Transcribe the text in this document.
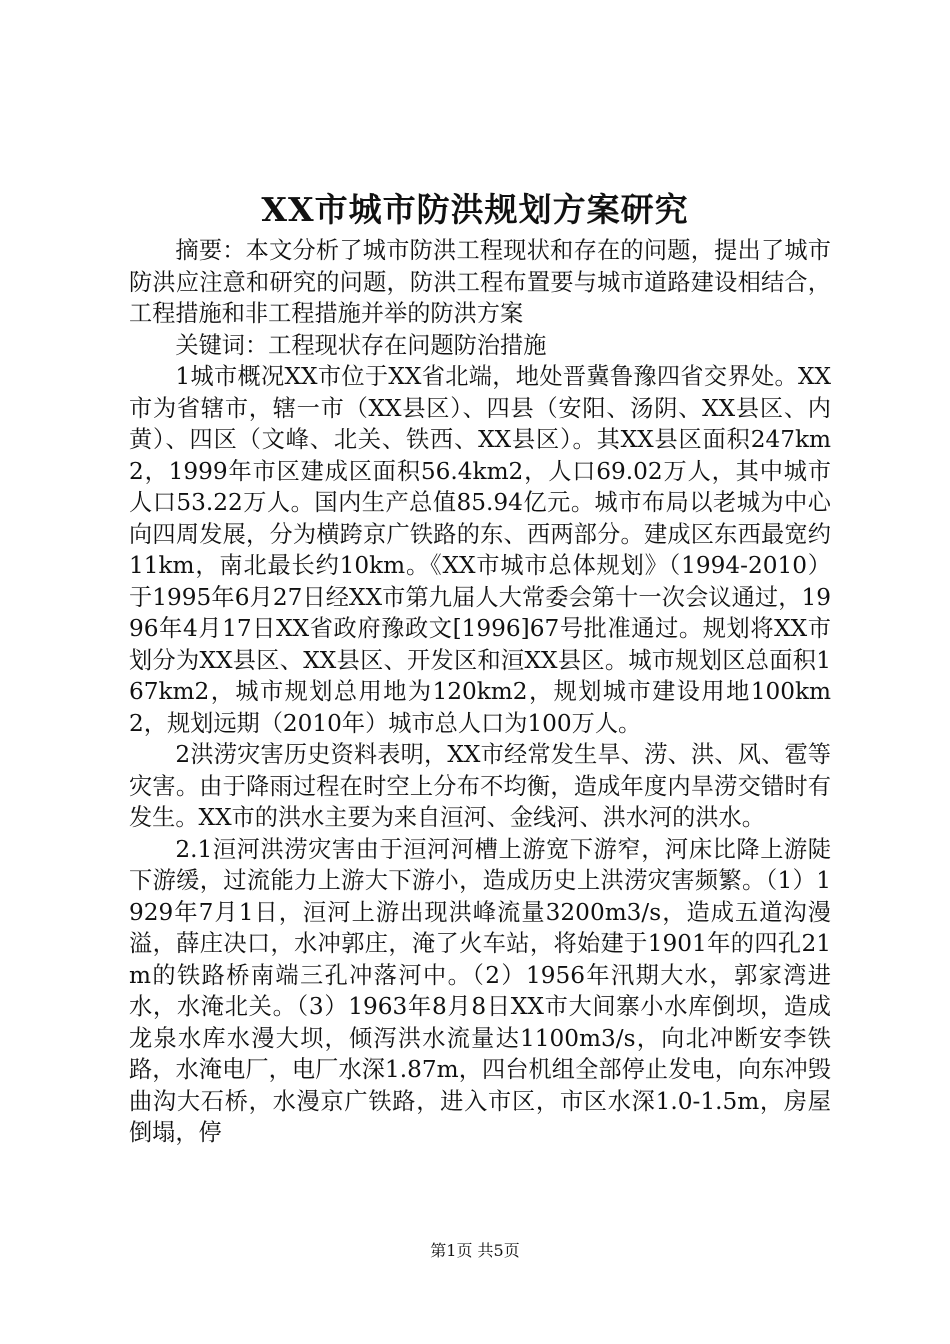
XX市城市防洪规划方案研究

摘要：本文分析了城市防洪工程现状和存在的问题，提出了城市防洪应注意和研究的问题，防洪工程布置要与城市道路建设相结合，工程措施和非工程措施并举的防洪方案

关键词：工程现状存在问题防治措施

1城市概况XX市位于XX省北端，地处晋冀鲁豫四省交界处。XX市为省辖市，辖一市（XX县区）、四县（安阳、汤阴、XX县区、内黄）、四区（文峰、北关、铁西、XX县区）。其XX县区面积247km2，1999年市区建成区面积56.4km2，人口69.02万人，其中城市人口53.22万人。国内生产总值85.94亿元。城市布局以老城为中心向四周发展，分为横跨京广铁路的东、西两部分。建成区东西最宽约11km，南北最长约10km。《XX市城市总体规划》（1994-2010）于1995年6月27日经XX市第九届人大常委会第十一次会议通过，1996年4月17日XX省政府豫政文[1996]67号批准通过。规划将XX市划分为XX县区、XX县区、开发区和洹XX县区。城市规划区总面积167km2，城市规划总用地为120km2，规划城市建设用地100km2，规划远期（2010年）城市总人口为100万人。

2洪涝灾害历史资料表明，XX市经常发生旱、涝、洪、风、雹等灾害。由于降雨过程在时空上分布不均衡，造成年度内旱涝交错时有发生。XX市的洪水主要为来自洹河、金线河、洪水河的洪水。

2.1洹河洪涝灾害由于洹河河槽上游宽下游窄，河床比降上游陡下游缓，过流能力上游大下游小，造成历史上洪涝灾害频繁。（1）1929年7月1日，洹河上游出现洪峰流量3200m3/s，造成五道沟漫溢，薛庄决口，水冲郭庄，淹了火车站，将始建于1901年的四孔21m的铁路桥南端三孔冲落河中。（2）1956年汛期大水，郭家湾进水，水淹北关。（3）1963年8月8日XX市大间寨小水库倒坝，造成龙泉水库水漫大坝，倾泻洪水流量达1100m3/s，向北冲断安李铁路，水淹电厂，电厂水深1.87m，四台机组全部停止发电，向东冲毁曲沟大石桥，水漫京广铁路，进入市区，市区水深1.0-1.5m，房屋倒塌，停

第1页 共5页
